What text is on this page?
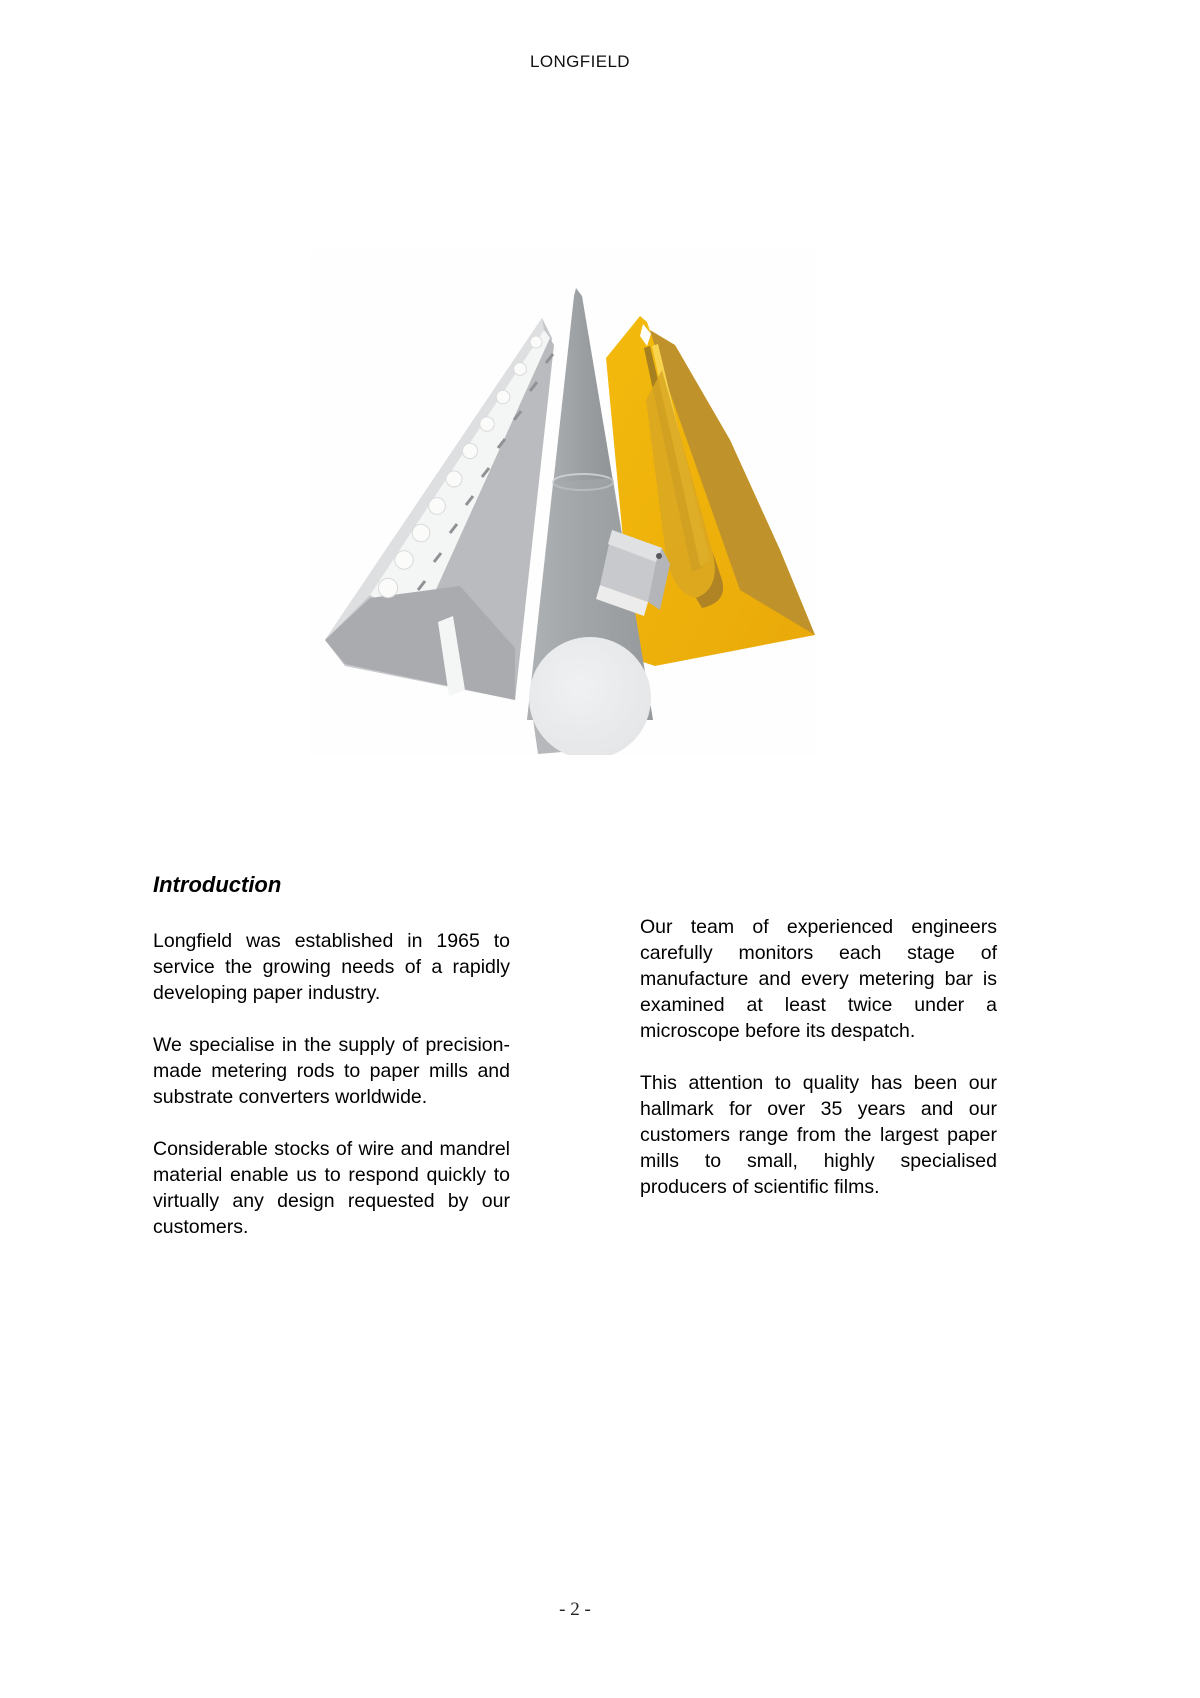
LONGFIELD
Introduction

Longfield was established in 1965 to service the growing needs of a rapidly developing paper industry.

We specialise in the supply of precision-made metering rods to paper mills and substrate converters worldwide.

Considerable stocks of wire and mandrel material enable us to respond quickly to virtually any design requested by our customers.

Our team of experienced engineers carefully monitors each stage of manufacture and every metering bar is examined at least twice under a microscope before its despatch.

This attention to quality has been our hallmark for over 35 years and our customers range from the largest paper mills to small, highly specialised producers of scientific films.

- 2 -
